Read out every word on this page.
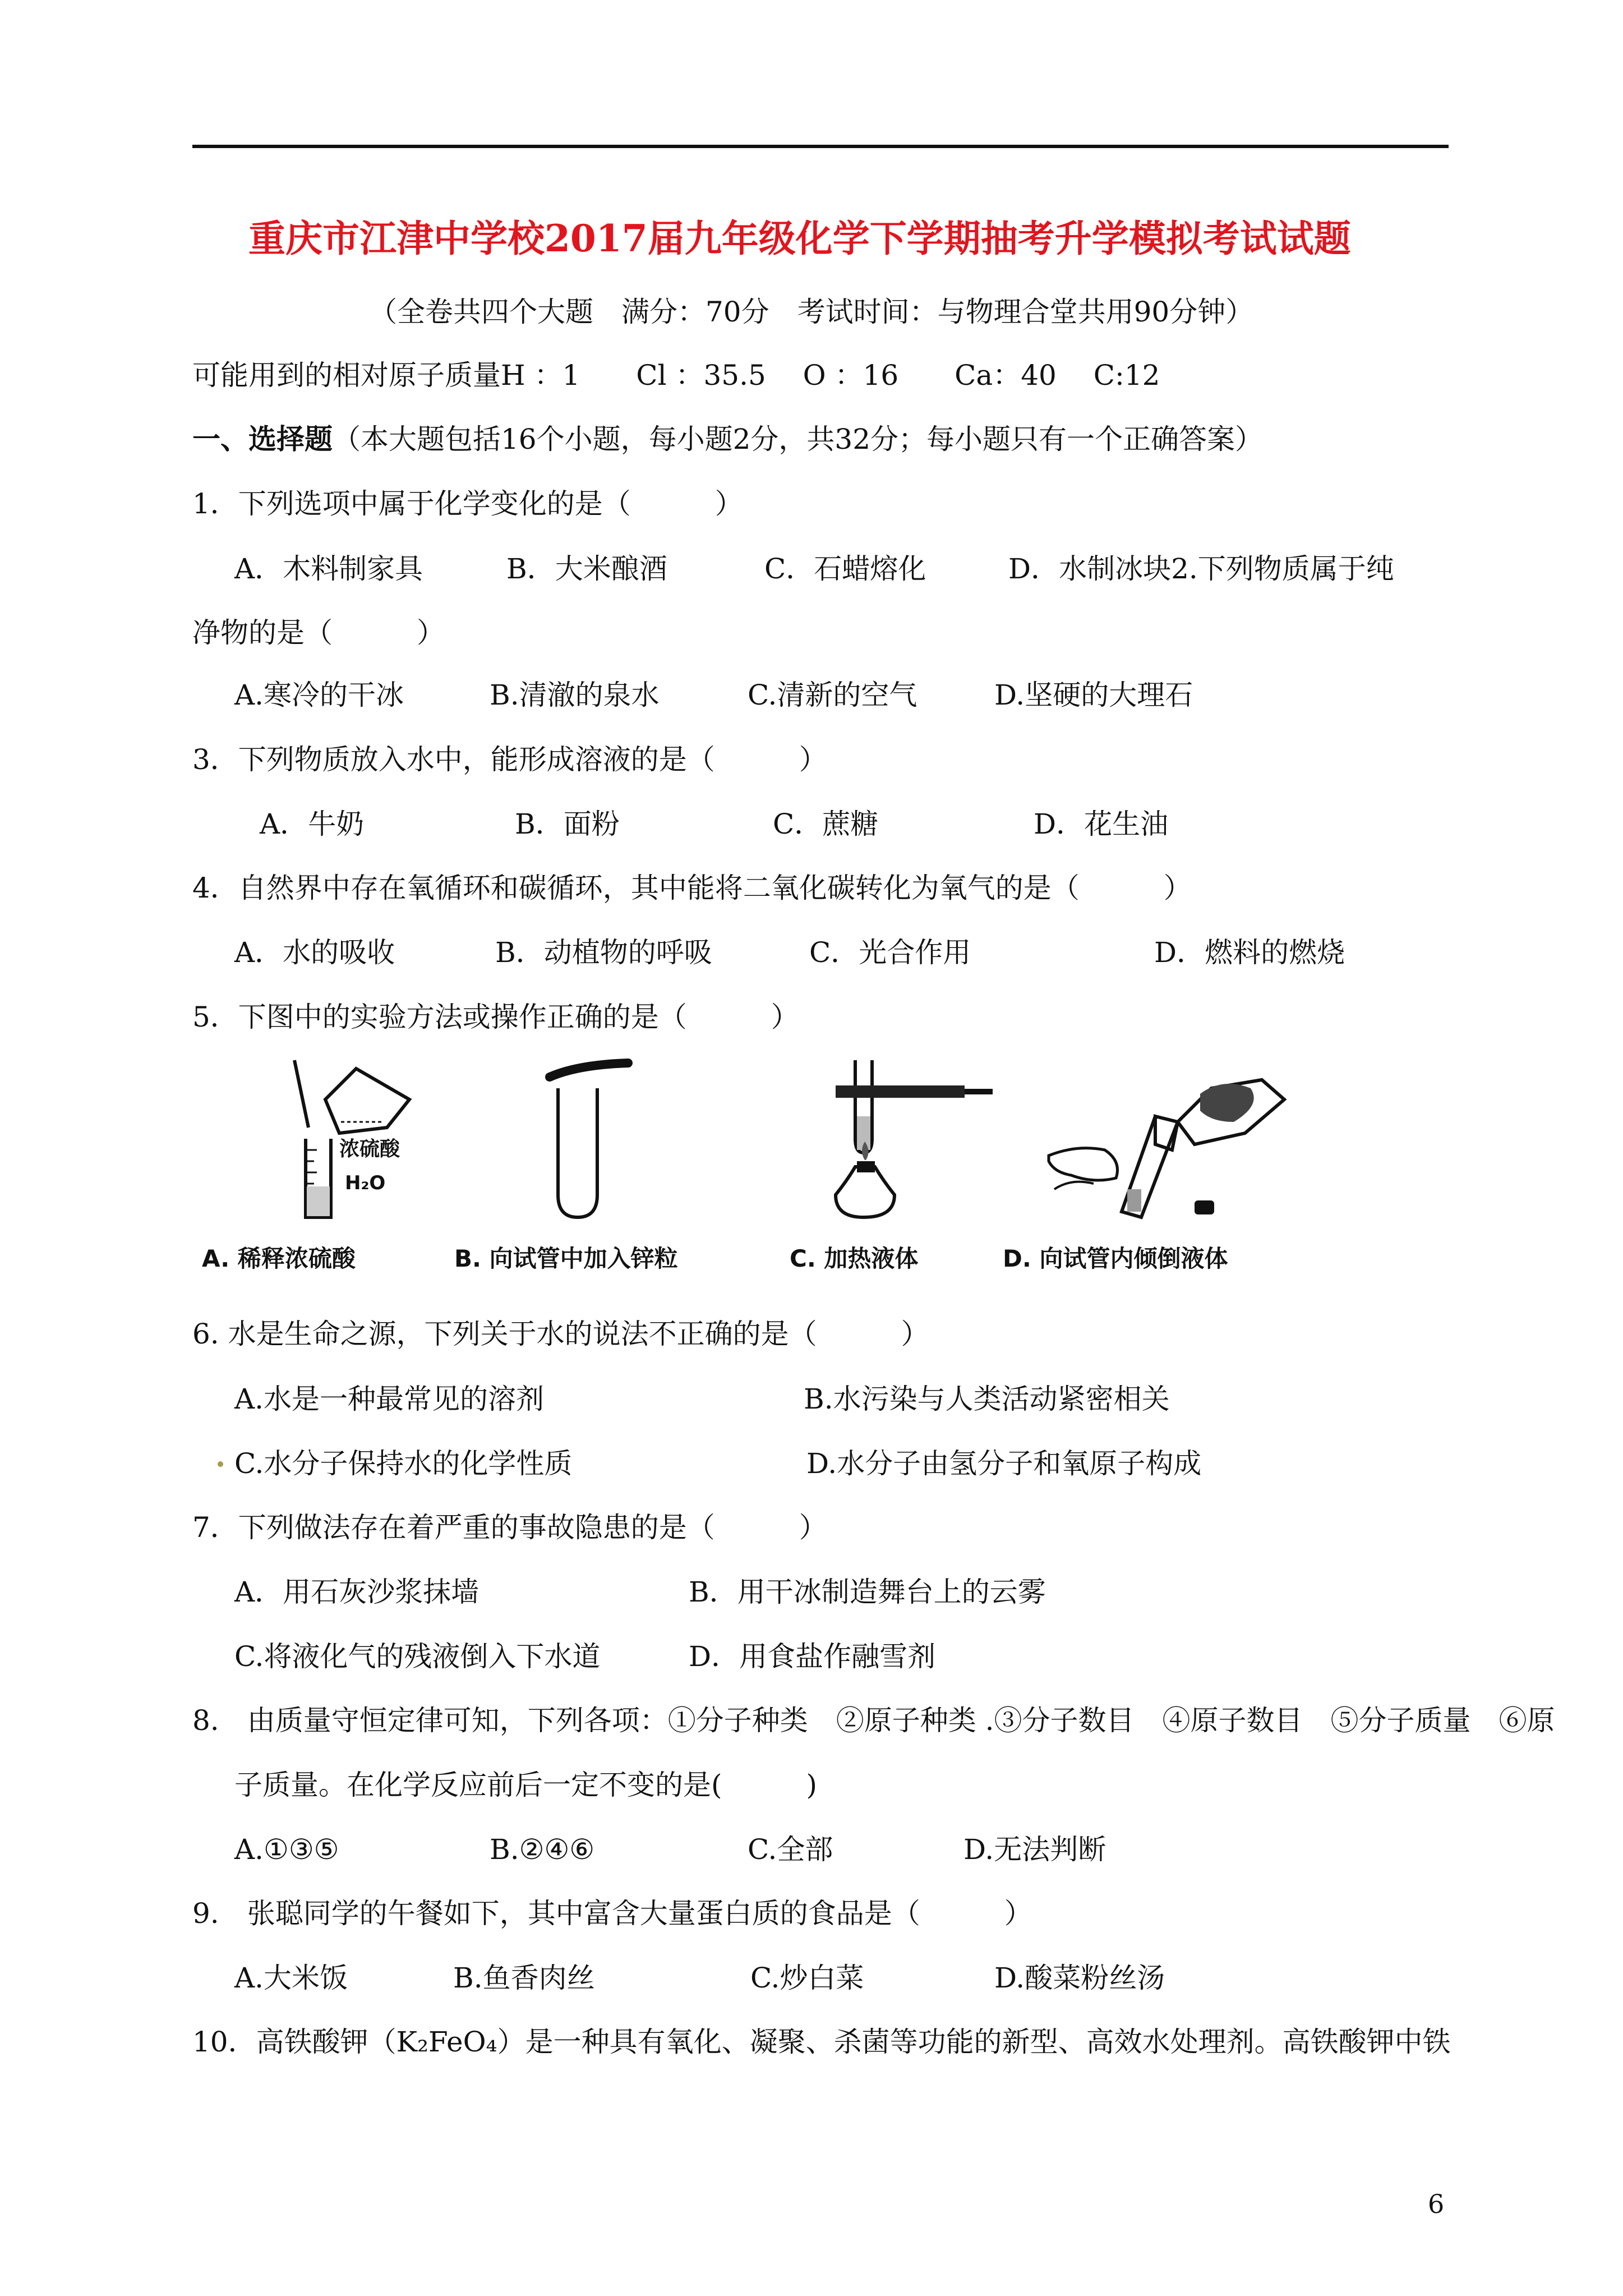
重庆市江津中学校2017届九年级化学下学期抽考升学模拟考试试题
（全卷共四个大题　满分：70分　考试时间：与物理合堂共用90分钟）
可能用到的相对原子质量H ：1　　Cl ：35.5　 O ：16　　Ca：40　 C:12
一、选择题（本大题包括16个小题，每小题2分，共32分；每小题只有一个正确答案）
1．下列选项中属于化学变化的是（　　　）
A．木料制家具	B．大米酿酒	C．石蜡熔化	D．水制冰块2.下列物质属于纯
净物的是（　　　）
A.寒冷的干冰	B.清澈的泉水	C.清新的空气	D.坚硬的大理石
3．下列物质放入水中，能形成溶液的是（　　　）
A．牛奶	B．面粉	C．蔗糖	D．花生油
4．自然界中存在氧循环和碳循环，其中能将二氧化碳转化为氧气的是（　　　）
A．水的吸收	B．动植物的呼吸	C．光合作用	D．燃料的燃烧
5．下图中的实验方法或操作正确的是（　　　）
浓硫酸
H₂O
A. 稀释浓硫酸	B. 向试管中加入锌粒	C. 加热液体	D. 向试管内倾倒液体
6. 水是生命之源，下列关于水的说法不正确的是（　　　）
A.水是一种最常见的溶剂	B.水污染与人类活动紧密相关
C.水分子保持水的化学性质	D.水分子由氢分子和氧原子构成
7．下列做法存在着严重的事故隐患的是（　　　）
A．用石灰沙浆抹墙	B．用干冰制造舞台上的云雾
C.将液化气的残液倒入下水道	D．用食盐作融雪剂
8.　由质量守恒定律可知，下列各项：①分子种类　②原子种类 .③分子数目　④原子数目　⑤分子质量　⑥原
子质量。在化学反应前后一定不变的是(　　　)
A.①③⑤	B.②④⑥	C.全部	D.无法判断
9.　张聪同学的午餐如下，其中富含大量蛋白质的食品是（　　　）
A.大米饭	B.鱼香肉丝	C.炒白菜	D.酸菜粉丝汤
10．高铁酸钾（K₂FeO₄）是一种具有氧化、凝聚、杀菌等功能的新型、高效水处理剂。高铁酸钾中铁
6
